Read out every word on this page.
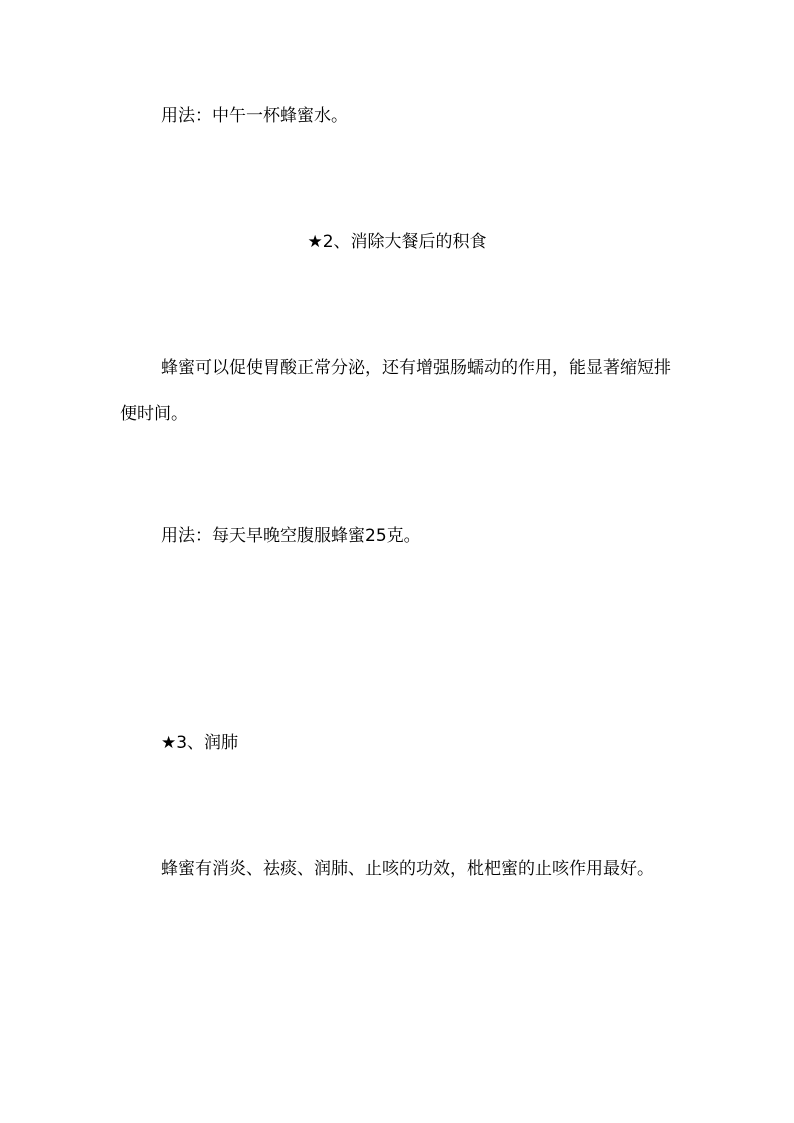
用法：中午一杯蜂蜜水。

★2、消除大餐后的积食

蜂蜜可以促使胃酸正常分泌，还有增强肠蠕动的作用，能显著缩短排便时间。

用法：每天早晚空腹服蜂蜜25克。

★3、润肺

蜂蜜有消炎、祛痰、润肺、止咳的功效，枇杷蜜的止咳作用最好。
